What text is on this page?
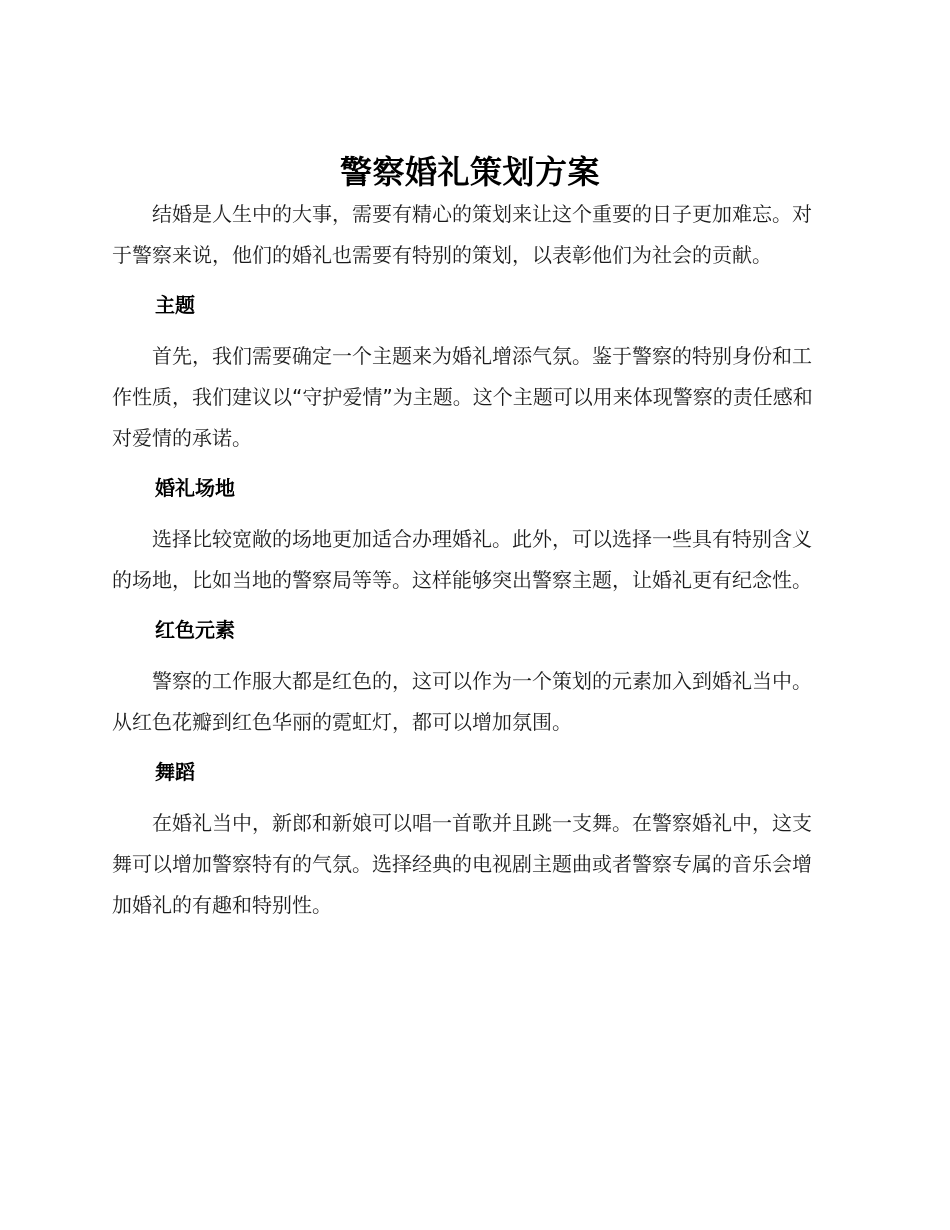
警察婚礼策划方案

结婚是人生中的大事，需要有精心的策划来让这个重要的日子更加难忘。对于警察来说，他们的婚礼也需要有特别的策划，以表彰他们为社会的贡献。

主题

首先，我们需要确定一个主题来为婚礼增添气氛。鉴于警察的特别身份和工作性质，我们建议以“守护爱情”为主题。这个主题可以用来体现警察的责任感和对爱情的承诺。

婚礼场地

选择比较宽敞的场地更加适合办理婚礼。此外，可以选择一些具有特别含义的场地，比如当地的警察局等等。这样能够突出警察主题，让婚礼更有纪念性。

红色元素

警察的工作服大都是红色的，这可以作为一个策划的元素加入到婚礼当中。从红色花瓣到红色华丽的霓虹灯，都可以增加氛围。

舞蹈

在婚礼当中，新郎和新娘可以唱一首歌并且跳一支舞。在警察婚礼中，这支舞可以增加警察特有的气氛。选择经典的电视剧主题曲或者警察专属的音乐会增加婚礼的有趣和特别性。
